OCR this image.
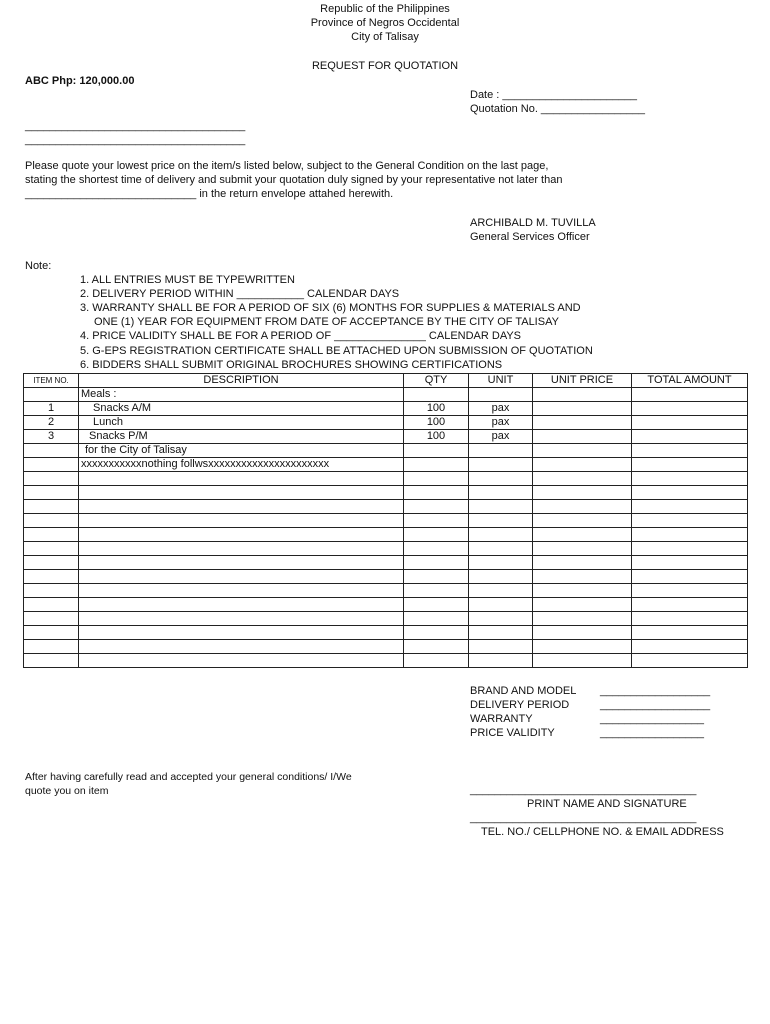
Republic of the Philippines
Province of Negros Occidental
City of Talisay
REQUEST FOR QUOTATION
ABC Php: 120,000.00
Date : ______________________
Quotation No. _________________
____________________________________
____________________________________
Please quote your lowest price on the item/s listed below, subject to the General Condition on the last page,
stating the shortest time of delivery and submit your quotation duly signed by your representative not later than
____________________________ in the return envelope attahed herewith.
ARCHIBALD M. TUVILLA
General Services Officer
Note:
1. ALL ENTRIES MUST BE TYPEWRITTEN
2. DELIVERY PERIOD WITHIN ___________ CALENDAR DAYS
3. WARRANTY SHALL BE FOR A PERIOD OF SIX (6) MONTHS FOR SUPPLIES & MATERIALS AND
ONE (1) YEAR FOR EQUIPMENT FROM DATE OF ACCEPTANCE BY THE CITY OF TALISAY
4. PRICE VALIDITY SHALL BE FOR A PERIOD OF _______________ CALENDAR DAYS
5. G-EPS REGISTRATION CERTIFICATE SHALL BE ATTACHED UPON SUBMISSION OF QUOTATION
6. BIDDERS SHALL SUBMIT ORIGINAL BROCHURES SHOWING CERTIFICATIONS
ITEM NO.	DESCRIPTION	QTY	UNIT	UNIT PRICE	TOTAL AMOUNT
	Meals :				
1	Snacks A/M	100	pax		
2	Lunch	100	pax		
3	Snacks P/M	100	pax		
	for the City of Talisay				
	xxxxxxxxxxxnothing follwsxxxxxxxxxxxxxxxxxxxxxx				

BRAND AND MODEL __________________
DELIVERY PERIOD	__________________
WARRANTY	_________________
PRICE VALIDITY	_________________
After having carefully read and accepted your general conditions/ I/We
quote you on item	_____________________________________
PRINT NAME AND SIGNATURE
_____________________________________
TEL. NO./ CELLPHONE NO. & EMAIL ADDRESS
